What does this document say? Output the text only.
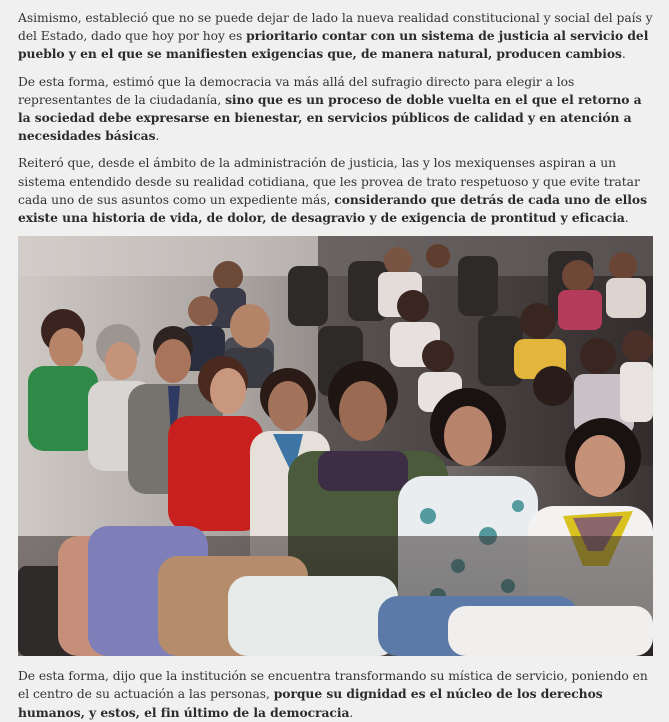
Asimismo, estableció que no se puede dejar de lado la nueva realidad constitucional y social del país y del Estado, dado que hoy por hoy es prioritario contar con un sistema de justicia al servicio del pueblo y en el que se manifiesten exigencias que, de manera natural, producen cambios.

De esta forma, estimó que la democracia va más allá del sufragio directo para elegir a los representantes de la ciudadanía, sino que es un proceso de doble vuelta en el que el retorno a la sociedad debe expresarse en bienestar, en servicios públicos de calidad y en atención a necesidades básicas.

Reiteró que, desde el ámbito de la administración de justicia, las y los mexiquenses aspiran a un sistema entendido desde su realidad cotidiana, que les provea de trato respetuoso y que evite tratar cada uno de sus asuntos como un expediente más, considerando que detrás de cada uno de ellos existe una historia de vida, de dolor, de desagravio y de exigencia de prontitud y eficacia.

De esta forma, dijo que la institución se encuentra transformando su mística de servicio, poniendo en el centro de su actuación a las personas, porque su dignidad es el núcleo de los derechos humanos, y estos, el fin último de la democracia.
